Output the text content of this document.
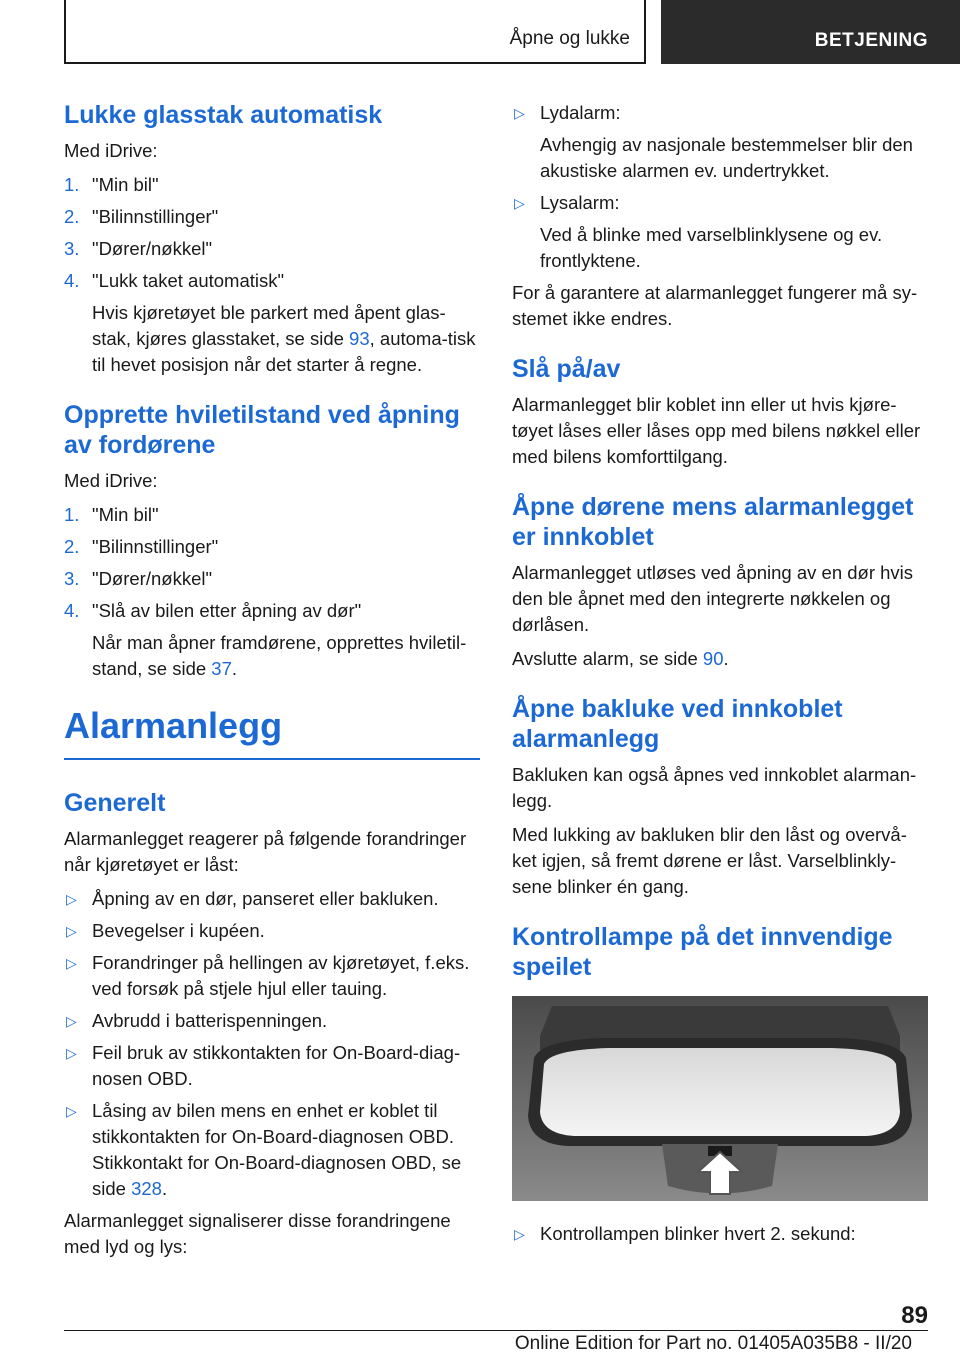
Åpne og lukke	BETJENING
Lukke glasstak automatisk

Med iDrive:

1. "Min bil"
2. "Bilinnstillinger"
3. "Dører/nøkkel"
4. "Lukk taket automatisk"
Hvis kjøretøyet ble parkert med åpent glas-stak, kjøres glasstaket, se side 93, automa-tisk til hevet posisjon når det starter å regne.
Opprette hviletilstand ved åpning av fordørene

Med iDrive:

1. "Min bil"
2. "Bilinnstillinger"
3. "Dører/nøkkel"
4. "Slå av bilen etter åpning av dør"
Når man åpner framdørene, opprettes hviletil-stand, se side 37.
Alarmanlegg
Generelt

Alarmanlegget reagerer på følgende forandringer når kjøretøyet er låst:

▷ Åpning av en dør, panseret eller bakluken.
▷ Bevegelser i kupéen.
▷ Forandringer på hellingen av kjøretøyet, f.eks. ved forsøk på stjele hjul eller tauing.
▷ Avbrudd i batterispenningen.
▷ Feil bruk av stikkontakten for On-Board-diag-nosen OBD.
▷ Låsing av bilen mens en enhet er koblet til stikkontakten for On-Board-diagnosen OBD. Stikkontakt for On-Board-diagnosen OBD, se side 328.

Alarmanlegget signaliserer disse forandringene med lyd og lys:

▷ Lydalarm:
Avhengig av nasjonale bestemmelser blir den akustiske alarmen ev. undertrykket.
▷ Lysalarm:
Ved å blinke med varselblinklysene og ev. frontlyktene.

For å garantere at alarmanlegget fungerer må sy-stemet ikke endres.

Slå på/av

Alarmanlegget blir koblet inn eller ut hvis kjøre-tøyet låses eller låses opp med bilens nøkkel eller med bilens komforttilgang.

Åpne dørene mens alarmanlegget er innkoblet

Alarmanlegget utløses ved åpning av en dør hvis den ble åpnet med den integrerte nøkkelen og dørlåsen.

Avslutte alarm, se side 90.

Åpne bakluke ved innkoblet alarmanlegg

Bakluken kan også åpnes ved innkoblet alarman-legg.

Med lukking av bakluken blir den låst og overvå-ket igjen, så fremt dørene er låst. Varselblinkly-sene blinker én gang.

Kontrollampe på det innvendige speilet
▷ Kontrollampen blinker hvert 2. sekund:
89
Online Edition for Part no. 01405A035B8 - II/20
